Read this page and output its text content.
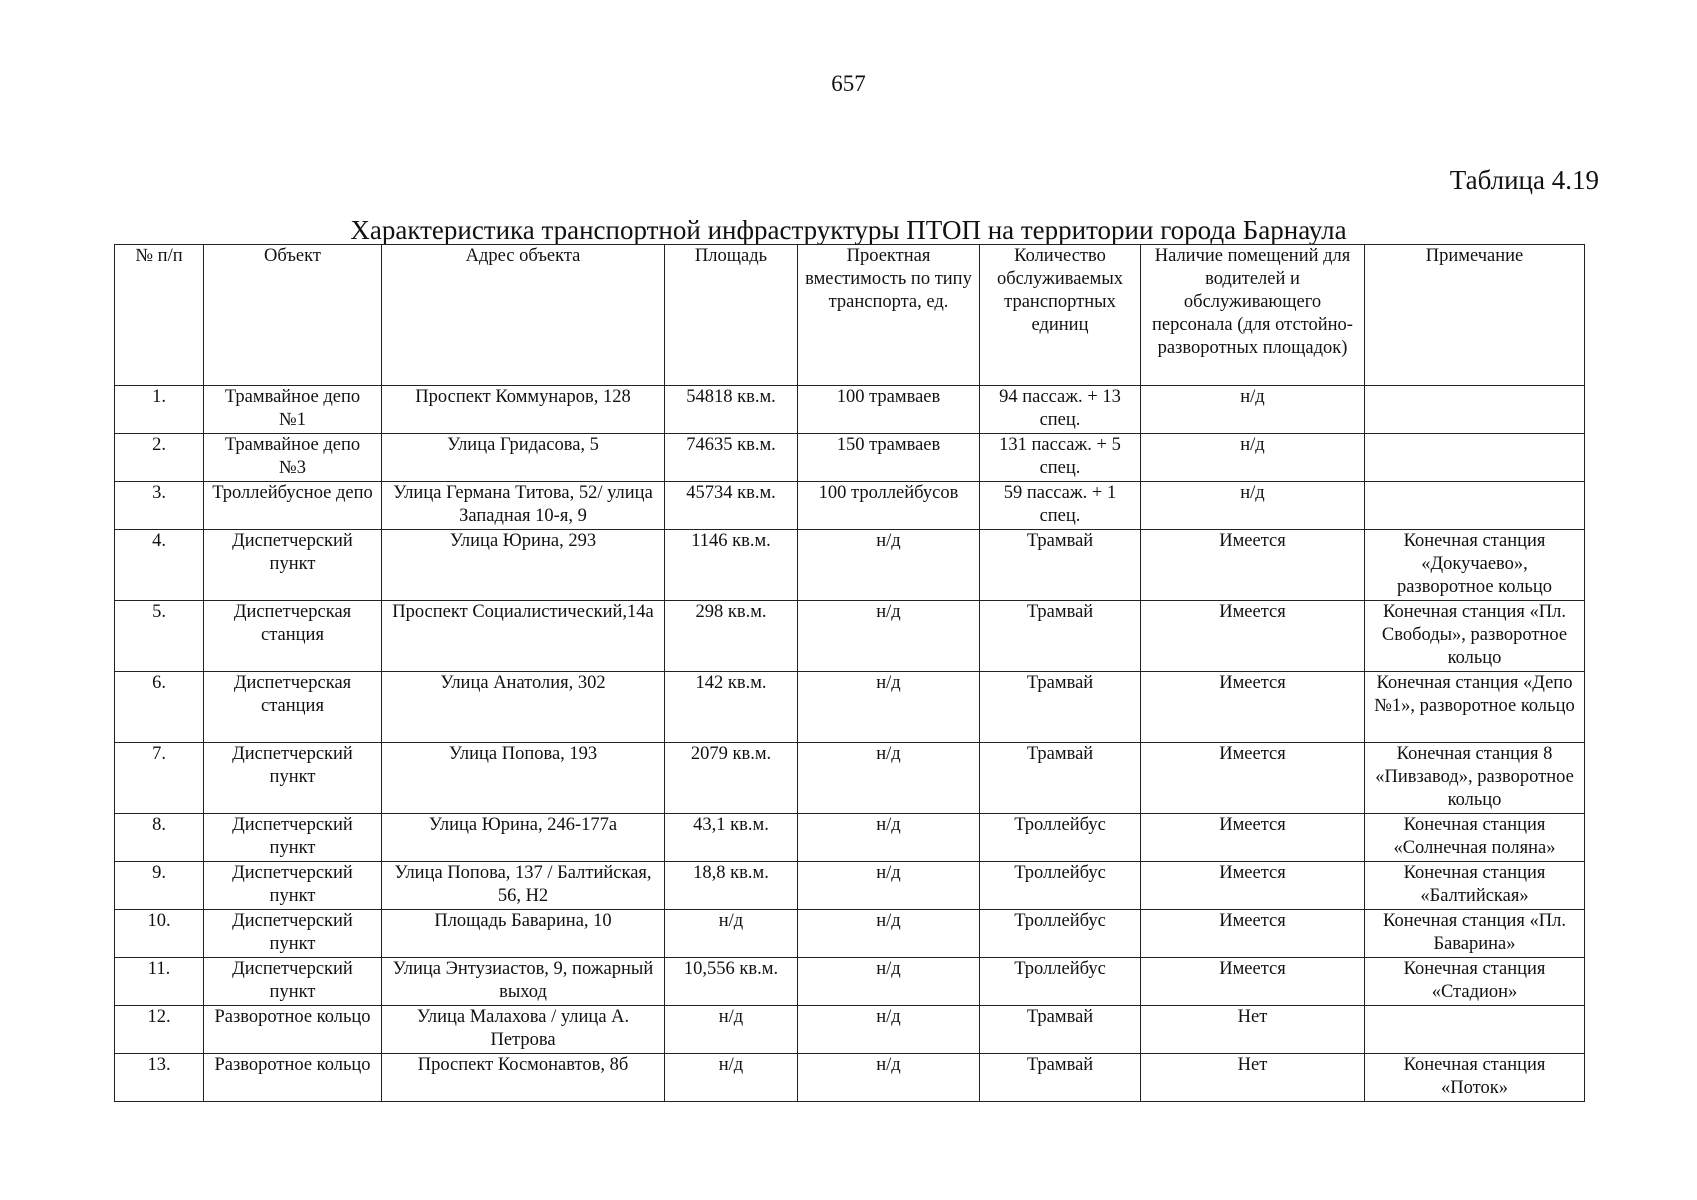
657
Таблица 4.19
Характеристика транспортной инфраструктуры ПТОП на территории города Барнаула
№ п/п	Объект	Адрес объекта	Площадь	Проектная вместимость по типу транспорта, ед.	Количество обслуживаемых транспортных единиц	Наличие помещений для водителей и обслуживающего персонала (для отстойно-разворотных площадок)	Примечание
1.	Трамвайное депо №1	Проспект Коммунаров, 128	54818 кв.м.	100 трамваев	94 пассаж. + 13 спец.	н/д	
2.	Трамвайное депо №3	Улица Гридасова, 5	74635 кв.м.	150 трамваев	131 пассаж. + 5 спец.	н/д	
3.	Троллейбусное депо	Улица Германа Титова, 52/ улица Западная 10-я, 9	45734 кв.м.	100 троллейбусов	59 пассаж. + 1 спец.	н/д	
4.	Диспетчерский пункт	Улица Юрина, 293	1146 кв.м.	н/д	Трамвай	Имеется	Конечная станция «Докучаево», разворотное кольцо
5.	Диспетчерская станция	Проспект Социалистический,14а	298 кв.м.	н/д	Трамвай	Имеется	Конечная станция «Пл. Свободы», разворотное кольцо
6.	Диспетчерская станция	Улица Анатолия, 302	142 кв.м.	н/д	Трамвай	Имеется	Конечная станция «Депо №1», разворотное кольцо
7.	Диспетчерский пункт	Улица Попова, 193	2079 кв.м.	н/д	Трамвай	Имеется	Конечная станция 8 «Пивзавод», разворотное кольцо
8.	Диспетчерский пункт	Улица Юрина, 246-177а	43,1 кв.м.	н/д	Троллейбус	Имеется	Конечная станция «Солнечная поляна»
9.	Диспетчерский пункт	Улица Попова, 137 / Балтийская, 56, Н2	18,8 кв.м.	н/д	Троллейбус	Имеется	Конечная станция «Балтийская»
10.	Диспетчерский пункт	Площадь Баварина, 10	н/д	н/д	Троллейбус	Имеется	Конечная станция «Пл. Баварина»
11.	Диспетчерский пункт	Улица Энтузиастов, 9, пожарный выход	10,556 кв.м.	н/д	Троллейбус	Имеется	Конечная станция «Стадион»
12.	Разворотное кольцо	Улица Малахова / улица А. Петрова	н/д	н/д	Трамвай	Нет	
13.	Разворотное кольцо	Проспект Космонавтов, 8б	н/д	н/д	Трамвай	Нет	Конечная станция «Поток»
